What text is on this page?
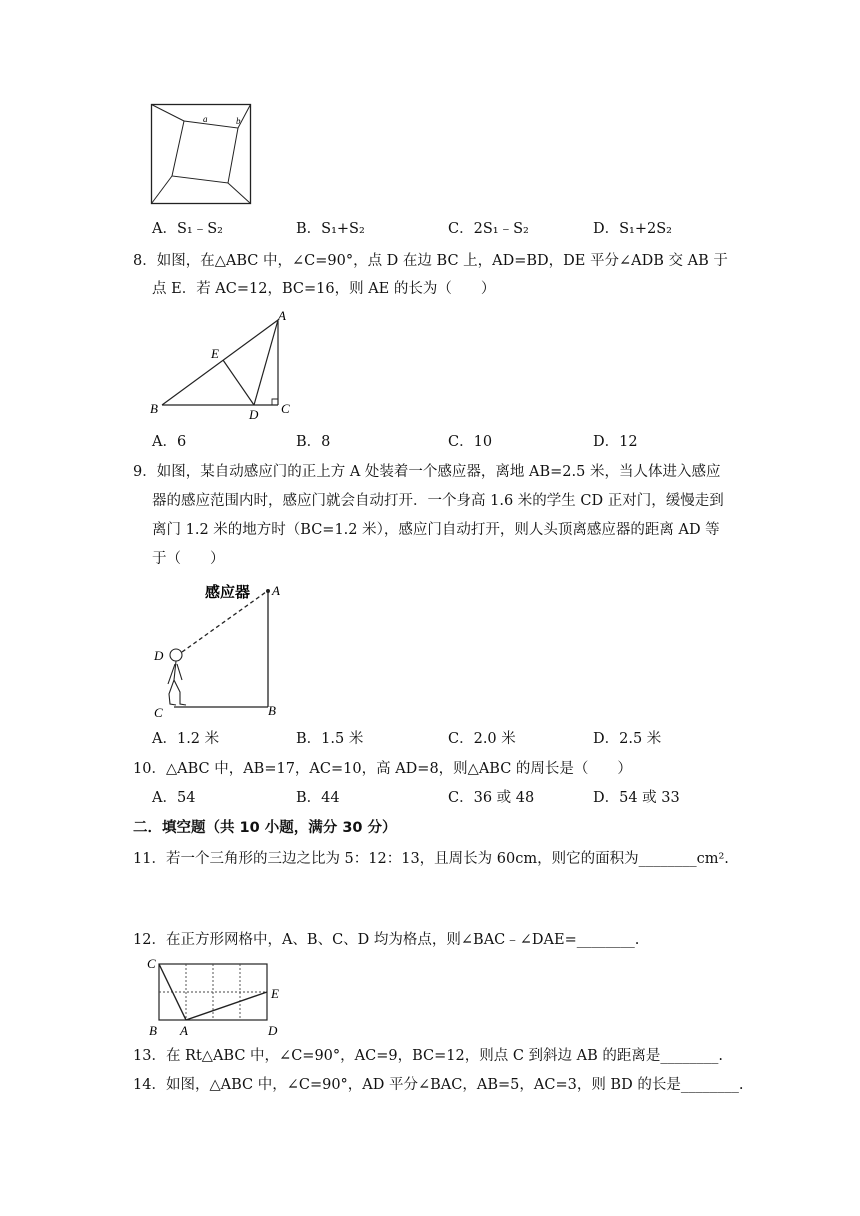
a	b
A．S₁﹣S₂	B．S₁+S₂	C．2S₁﹣S₂	D．S₁+2S₂
8．如图，在△ABC 中，∠C=90°，点 D 在边 BC 上，AD=BD，DE 平分∠ADB 交 AB 于
点 E．若 AC=12，BC=16，则 AE 的长为（　　）
A
B	C
D
E
A．6	B．8	C．10	D．12
9．如图，某自动感应门的正上方 A 处装着一个感应器，离地 AB=2.5 米，当人体进入感应
器的感应范围内时，感应门就会自动打开．一个身高 1.6 米的学生 CD 正对门，缓慢走到
离门 1.2 米的地方时（BC=1.2 米），感应门自动打开，则人头顶离感应器的距离 AD 等
于（　　）
感应器 A
B
C
D
A．1.2 米	B．1.5 米	C．2.0 米	D．2.5 米
10．△ABC 中，AB=17，AC=10，高 AD=8，则△ABC 的周长是（　　）
A．54	B．44	C．36 或 48	D．54 或 33
二．填空题（共 10 小题，满分 30 分）
11．若一个三角形的三边之比为 5：12：13，且周长为 60cm，则它的面积为________cm².
12．在正方形网格中，A、B、C、D 均为格点，则∠BAC﹣∠DAE=________.
C
E
B A	D
13．在 Rt△ABC 中，∠C=90°，AC=9，BC=12，则点 C 到斜边 AB 的距离是________.
14．如图，△ABC 中，∠C=90°，AD 平分∠BAC，AB=5，AC=3，则 BD 的长是________.
